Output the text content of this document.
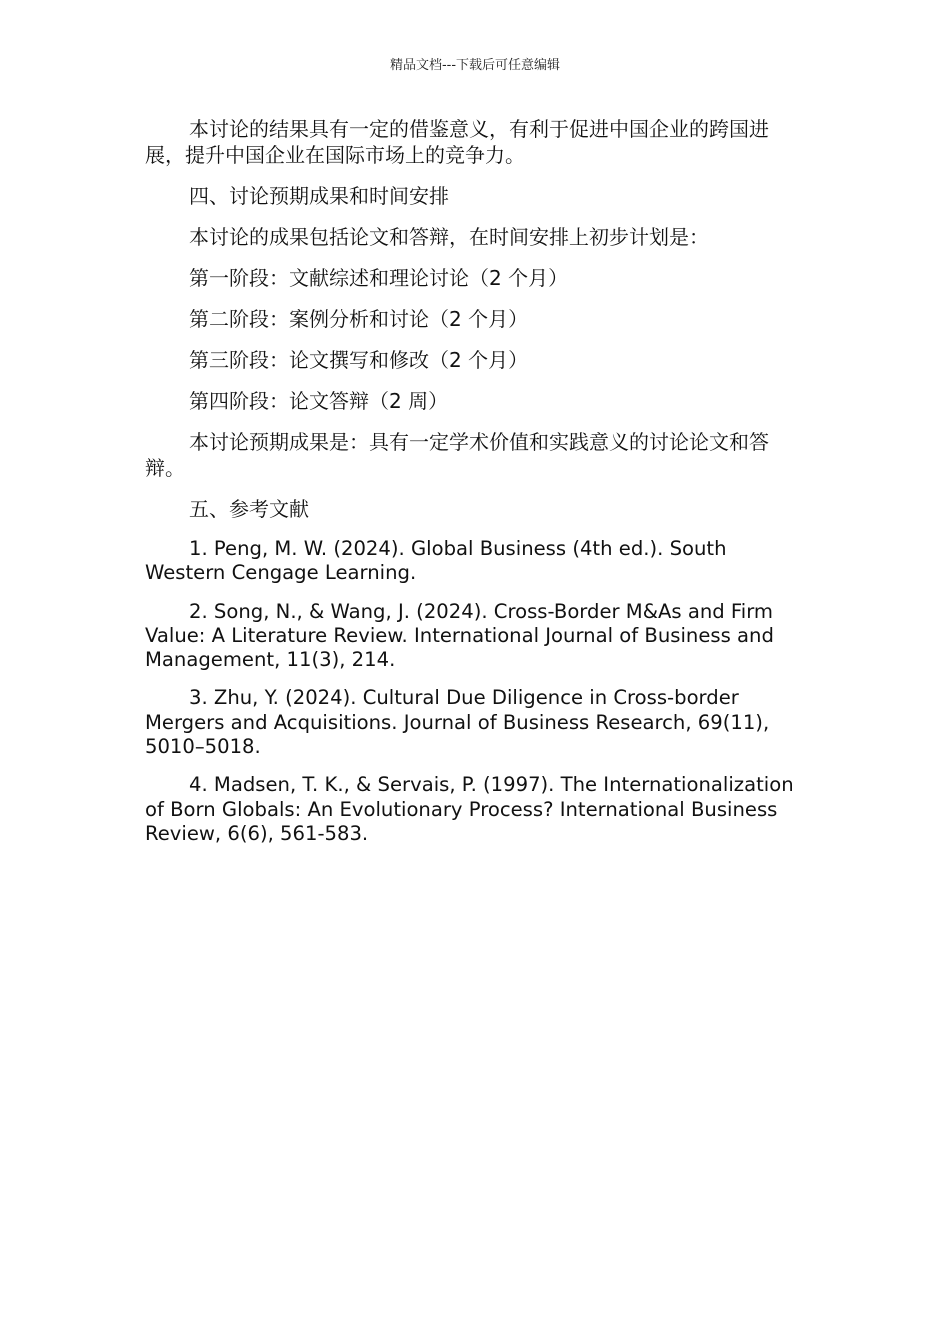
精品文档---下载后可任意编辑

本讨论的结果具有一定的借鉴意义，有利于促进中国企业的跨国进展，提升中国企业在国际市场上的竞争力。

四、讨论预期成果和时间安排

本讨论的成果包括论文和答辩，在时间安排上初步计划是：

第一阶段：文献综述和理论讨论（2 个月）

第二阶段：案例分析和讨论（2 个月）

第三阶段：论文撰写和修改（2 个月）

第四阶段：论文答辩（2 周）

本讨论预期成果是：具有一定学术价值和实践意义的讨论论文和答辩。

五、参考文献

1. Peng, M. W. (2024). Global Business (4th ed.). South Western Cengage Learning.

2. Song, N., & Wang, J. (2024). Cross-Border M&As and Firm Value: A Literature Review. International Journal of Business and Management, 11(3), 214.

3. Zhu, Y. (2024). Cultural Due Diligence in Cross-border Mergers and Acquisitions. Journal of Business Research, 69(11), 5010–5018.

4. Madsen, T. K., & Servais, P. (1997). The Internationalization of Born Globals: An Evolutionary Process? International Business Review, 6(6), 561-583.
